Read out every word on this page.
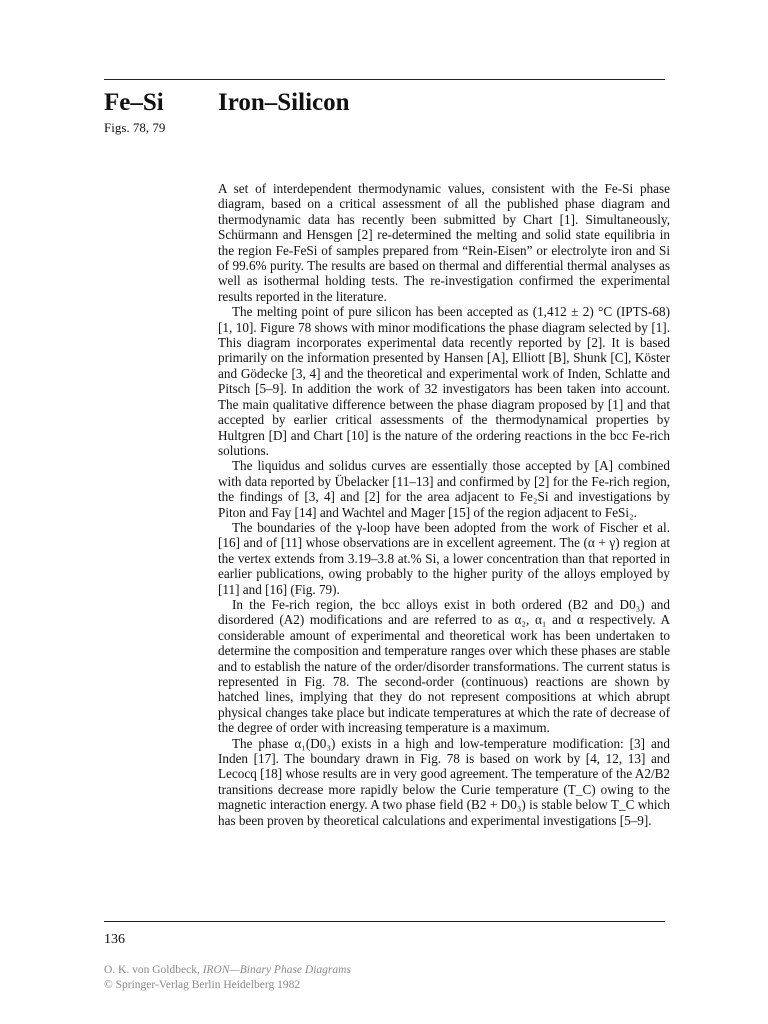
Fe–Si
Figs. 78, 79
Iron–Silicon

A set of interdependent thermodynamic values, consistent with the Fe-Si phase diagram, based on a critical assessment of all the published phase diagram and thermodynamic data has recently been submitted by Chart [1]. Simultaneously, Schürmann and Hensgen [2] re-determined the melting and solid state equilibria in the region Fe-FeSi of samples prepared from “Rein-Eisen” or electrolyte iron and Si of 99.6% purity. The results are based on thermal and differential thermal analyses as well as isothermal holding tests. The re-investigation confirmed the experimental results reported in the literature.

The melting point of pure silicon has been accepted as (1,412 ± 2) °C (IPTS-68) [1, 10]. Figure 78 shows with minor modifications the phase diagram selected by [1]. This diagram incorporates experimental data recently reported by [2]. It is based primarily on the information presented by Hansen [A], Elliott [B], Shunk [C], Köster and Gödecke [3, 4] and the theoretical and experimental work of Inden, Schlatte and Pitsch [5–9]. In addition the work of 32 investigators has been taken into account. The main qualitative difference between the phase diagram proposed by [1] and that accepted by earlier critical assessments of the thermodynamical properties by Hultgren [D] and Chart [10] is the nature of the ordering reactions in the bcc Fe-rich solutions.

The liquidus and solidus curves are essentially those accepted by [A] combined with data reported by Übelacker [11–13] and confirmed by [2] for the Fe-rich region, the findings of [3, 4] and [2] for the area adjacent to Fe₂Si and investigations by Piton and Fay [14] and Wachtel and Mager [15] of the region adjacent to FeSi₂.

The boundaries of the γ-loop have been adopted from the work of Fischer et al. [16] and of [11] whose observations are in excellent agreement. The (α + γ) region at the vertex extends from 3.19–3.8 at.% Si, a lower concentration than that reported in earlier publications, owing probably to the higher purity of the alloys employed by [11] and [16] (Fig. 79).

In the Fe-rich region, the bcc alloys exist in both ordered (B2 and D0₃) and disordered (A2) modifications and are referred to as α₂, α₁ and α respectively. A considerable amount of experimental and theoretical work has been undertaken to determine the composition and temperature ranges over which these phases are stable and to establish the nature of the order/disorder transformations. The current status is represented in Fig. 78. The second-order (continuous) reactions are shown by hatched lines, implying that they do not represent compositions at which abrupt physical changes take place but indicate temperatures at which the rate of decrease of the degree of order with increasing temperature is a maximum.

The phase α₁(D0₃) exists in a high and low-temperature modification: [3] and Inden [17]. The boundary drawn in Fig. 78 is based on work by [4, 12, 13] and Lecocq [18] whose results are in very good agreement. The temperature of the A2/B2 transitions decrease more rapidly below the Curie temperature (T_C) owing to the magnetic interaction energy. A two phase field (B2 + D0₃) is stable below T_C which has been proven by theoretical calculations and experimental investigations [5–9].

136
O. K. von Goldbeck, IRON—Binary Phase Diagrams
© Springer-Verlag Berlin Heidelberg 1982
